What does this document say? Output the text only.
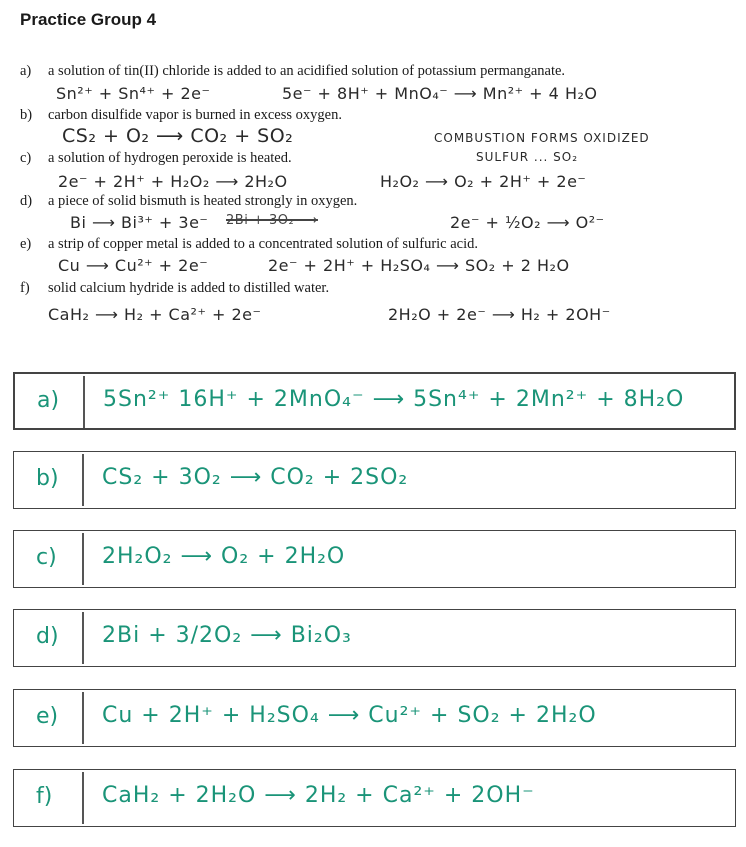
Practice Group 4
a) a solution of tin(II) chloride is added to an acidified solution of potassium permanganate.
b) carbon disulfide vapor is burned in excess oxygen.
c) a solution of hydrogen peroxide is heated.
d) a piece of solid bismuth is heated strongly in oxygen.
e) a strip of copper metal is added to a concentrated solution of sulfuric acid.
f) solid calcium hydride is added to distilled water.
Sn²⁺ + Sn⁴⁺ + 2e⁻	5e⁻ + 8H⁺ + MnO₄⁻ ⟶ Mn²⁺ + 4 H₂O
CS₂ + O₂ ⟶ CO₂ + SO₂	COMBUSTION FORMS OXIDIZED
SULFUR ... SO₂
2e⁻ + 2H⁺ + H₂O₂ ⟶ 2H₂O	H₂O₂ ⟶ O₂ + 2H⁺ + 2e⁻
Bi ⟶ Bi³⁺ + 3e⁻ 2Bi + 3O₂ ⟶	2e⁻ + ½O₂ ⟶ O²⁻
Cu ⟶ Cu²⁺ + 2e⁻	2e⁻ + 2H⁺ + H₂SO₄ ⟶ SO₂ + 2 H₂O
CaH₂ ⟶ H₂ + Ca²⁺ + 2e⁻	2H₂O + 2e⁻ ⟶ H₂ + 2OH⁻
a) 5Sn²⁺ 16H⁺ + 2MnO₄⁻ ⟶ 5Sn⁴⁺ + 2Mn²⁺ + 8H₂O
b) CS₂ + 3O₂ ⟶ CO₂ + 2SO₂
c) 2H₂O₂ ⟶ O₂ + 2H₂O
d) 2Bi + 3/2O₂ ⟶ Bi₂O₃
e) Cu + 2H⁺ + H₂SO₄ ⟶ Cu²⁺ + SO₂ + 2H₂O
f) CaH₂ + 2H₂O ⟶ 2H₂ + Ca²⁺ + 2OH⁻
